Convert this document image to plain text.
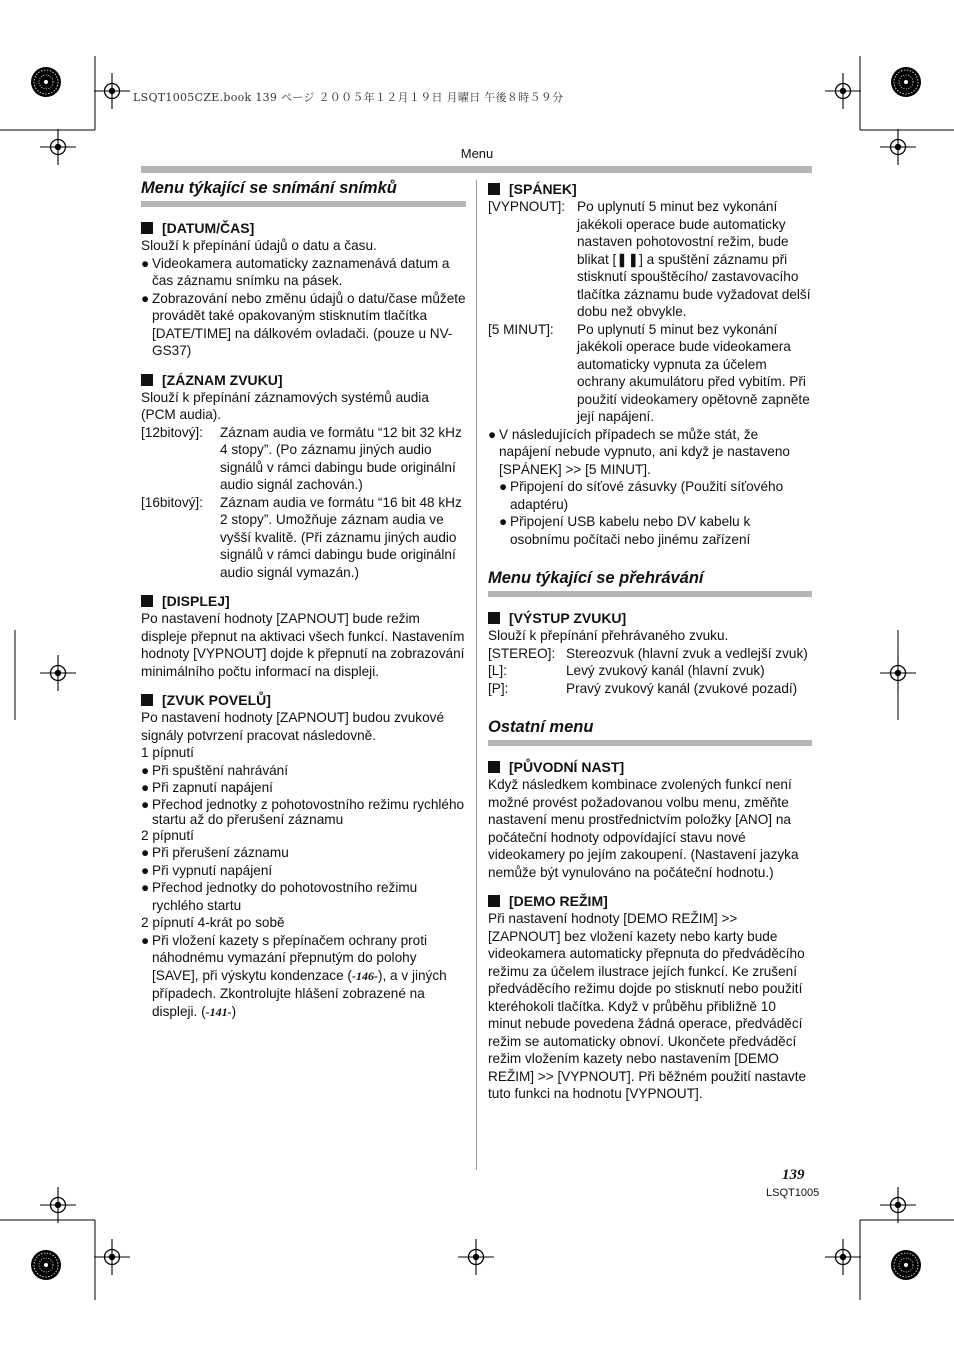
LSQT1005CZE.book 139 ページ ２００５年１２月１９日 月曜日 午後８時５９分
Menu
Menu týkající se snímání snímků
[DATUM/ČAS]

Slouží k přepínání údajů o datu a času.

● Videokamera automaticky zaznamenává datum a čas záznamu snímku na pásek.
● Zobrazování nebo změnu údajů o datu/čase můžete provádět také opakovaným stisknutím tlačítka [DATE/TIME] na dálkovém ovladači. (pouze u NV-GS37)
[ZÁZNAM ZVUKU]

Slouží k přepínání záznamových systémů audia (PCM audia).

[12bitový]:	Záznam audia ve formátu “12 bit 32 kHz 4 stopy”. (Po záznamu jiných audio signálů v rámci dabingu bude originální audio signál zachován.)
[16bitový]:	Záznam audia ve formátu “16 bit 48 kHz 2 stopy”. Umožňuje záznam audia ve vyšší kvalitě. (Při záznamu jiných audio signálů v rámci dabingu bude originální audio signál vymazán.)
[DISPLEJ]

Po nastavení hodnoty [ZAPNOUT] bude režim displeje přepnut na aktivaci všech funkcí. Nastavením hodnoty [VYPNOUT] dojde k přepnutí na zobrazování minimálního počtu informací na displeji.

[ZVUK POVELŮ]

Po nastavení hodnoty [ZAPNOUT] budou zvukové signály potvrzení pracovat následovně.

1 pípnutí

● Při spuštění nahrávání
● Při zapnutí napájení
● Přechod jednotky z pohotovostního režimu rychlého startu až do přerušení záznamu

2 pípnutí

● Při přerušení záznamu
● Při vypnutí napájení
● Přechod jednotky do pohotovostního režimu rychlého startu

2 pípnutí 4-krát po sobě

● Při vložení kazety s přepínačem ochrany proti náhodnému vymazání přepnutým do polohy [SAVE], při výskytu kondenzace (-146-), a v jiných případech. Zkontrolujte hlášení zobrazené na displeji. (-141-)
[SPÁNEK]
[VYPNOUT]: Po uplynutí 5 minut bez vykonání jakékoli operace bude automaticky nastaven pohotovostní režim, bude blikat [❚❚] a spuštění záznamu při stisknutí spouštěcího/ zastavovacího tlačítka záznamu bude vyžadovat delší dobu než obvykle.
[5 MINUT]:	Po uplynutí 5 minut bez vykonání jakékoli operace bude videokamera automaticky vypnuta za účelem ochrany akumulátoru před vybitím. Při použití videokamery opětovně zapněte její napájení.
● V následujících případech se může stát, že napájení nebude vypnuto, ani když je nastaveno [SPÁNEK] >> [5 MINUT].
● Připojení do síťové zásuvky (Použití síťového adaptéru)
● Připojení USB kabelu nebo DV kabelu k osobnímu počítači nebo jinému zařízení
Menu týkající se přehrávání
[VÝSTUP ZVUKU]

Slouží k přepínání přehrávaného zvuku.

[STEREO]: Stereozvuk (hlavní zvuk a vedlejší zvuk)
[L]:	Levý zvukový kanál (hlavní zvuk)
[P]:	Pravý zvukový kanál (zvukové pozadí)
Ostatní menu
[PŮVODNÍ NAST]

Když následkem kombinace zvolených funkcí není možné provést požadovanou volbu menu, změňte nastavení menu prostřednictvím položky [ANO] na počáteční hodnoty odpovídající stavu nové videokamery po jejím zakoupení. (Nastavení jazyka nemůže být vynulováno na počáteční hodnotu.)

[DEMO REŽIM]

Při nastavení hodnoty [DEMO REŽIM] >> [ZAPNOUT] bez vložení kazety nebo karty bude videokamera automaticky přepnuta do předváděcího režimu za účelem ilustrace jejích funkcí. Ke zrušení předváděcího režimu dojde po stisknutí nebo použití kteréhokoli tlačítka. Když v průběhu přibližně 10 minut nebude povedena žádná operace, předváděcí režim se automaticky obnoví. Ukončete předváděcí režim vložením kazety nebo nastavením [DEMO REŽIM] >> [VYPNOUT]. Při běžném použití nastavte tuto funkci na hodnotu [VYPNOUT].

139
LSQT1005
